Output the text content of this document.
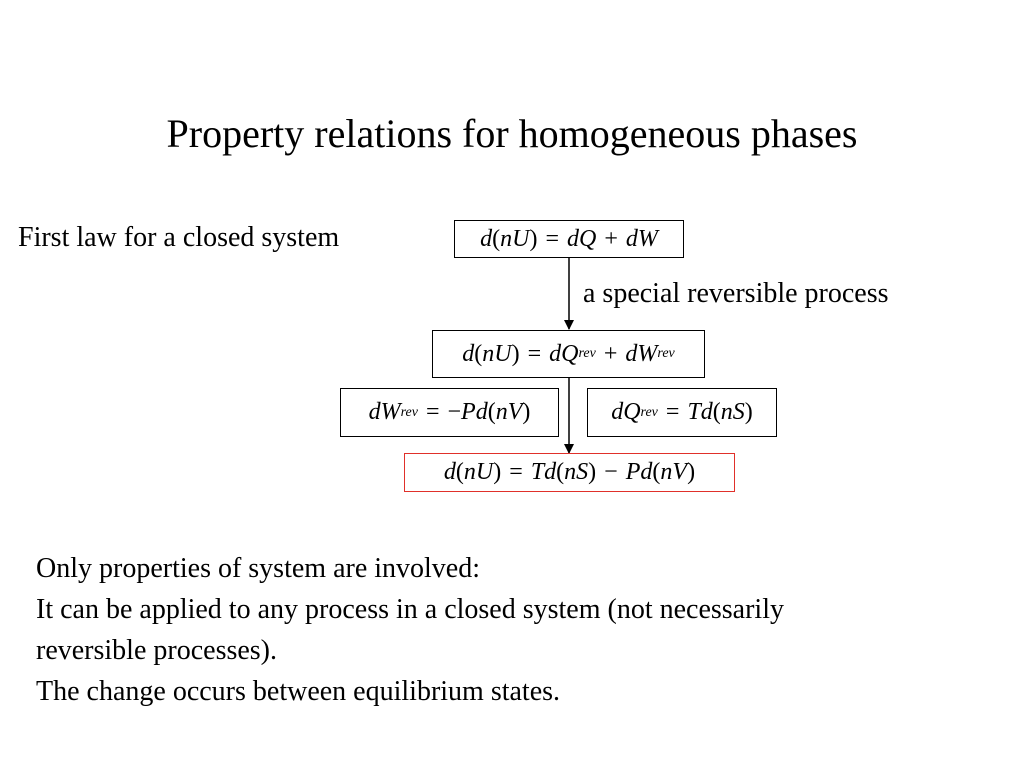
Property relations for homogeneous phases
First law for a closed system
a special reversible process
d ( nU ) = dQ + dW
d ( nU ) = dQ rev + dW rev
dW rev = − Pd ( nV )	dQ rev = Td ( nS )
d ( nU ) = Td ( nS ) − Pd ( nV )
Only properties of system are involved:
It can be applied to any process in a closed system (not necessarily
reversible processes).
The change occurs between equilibrium states.
